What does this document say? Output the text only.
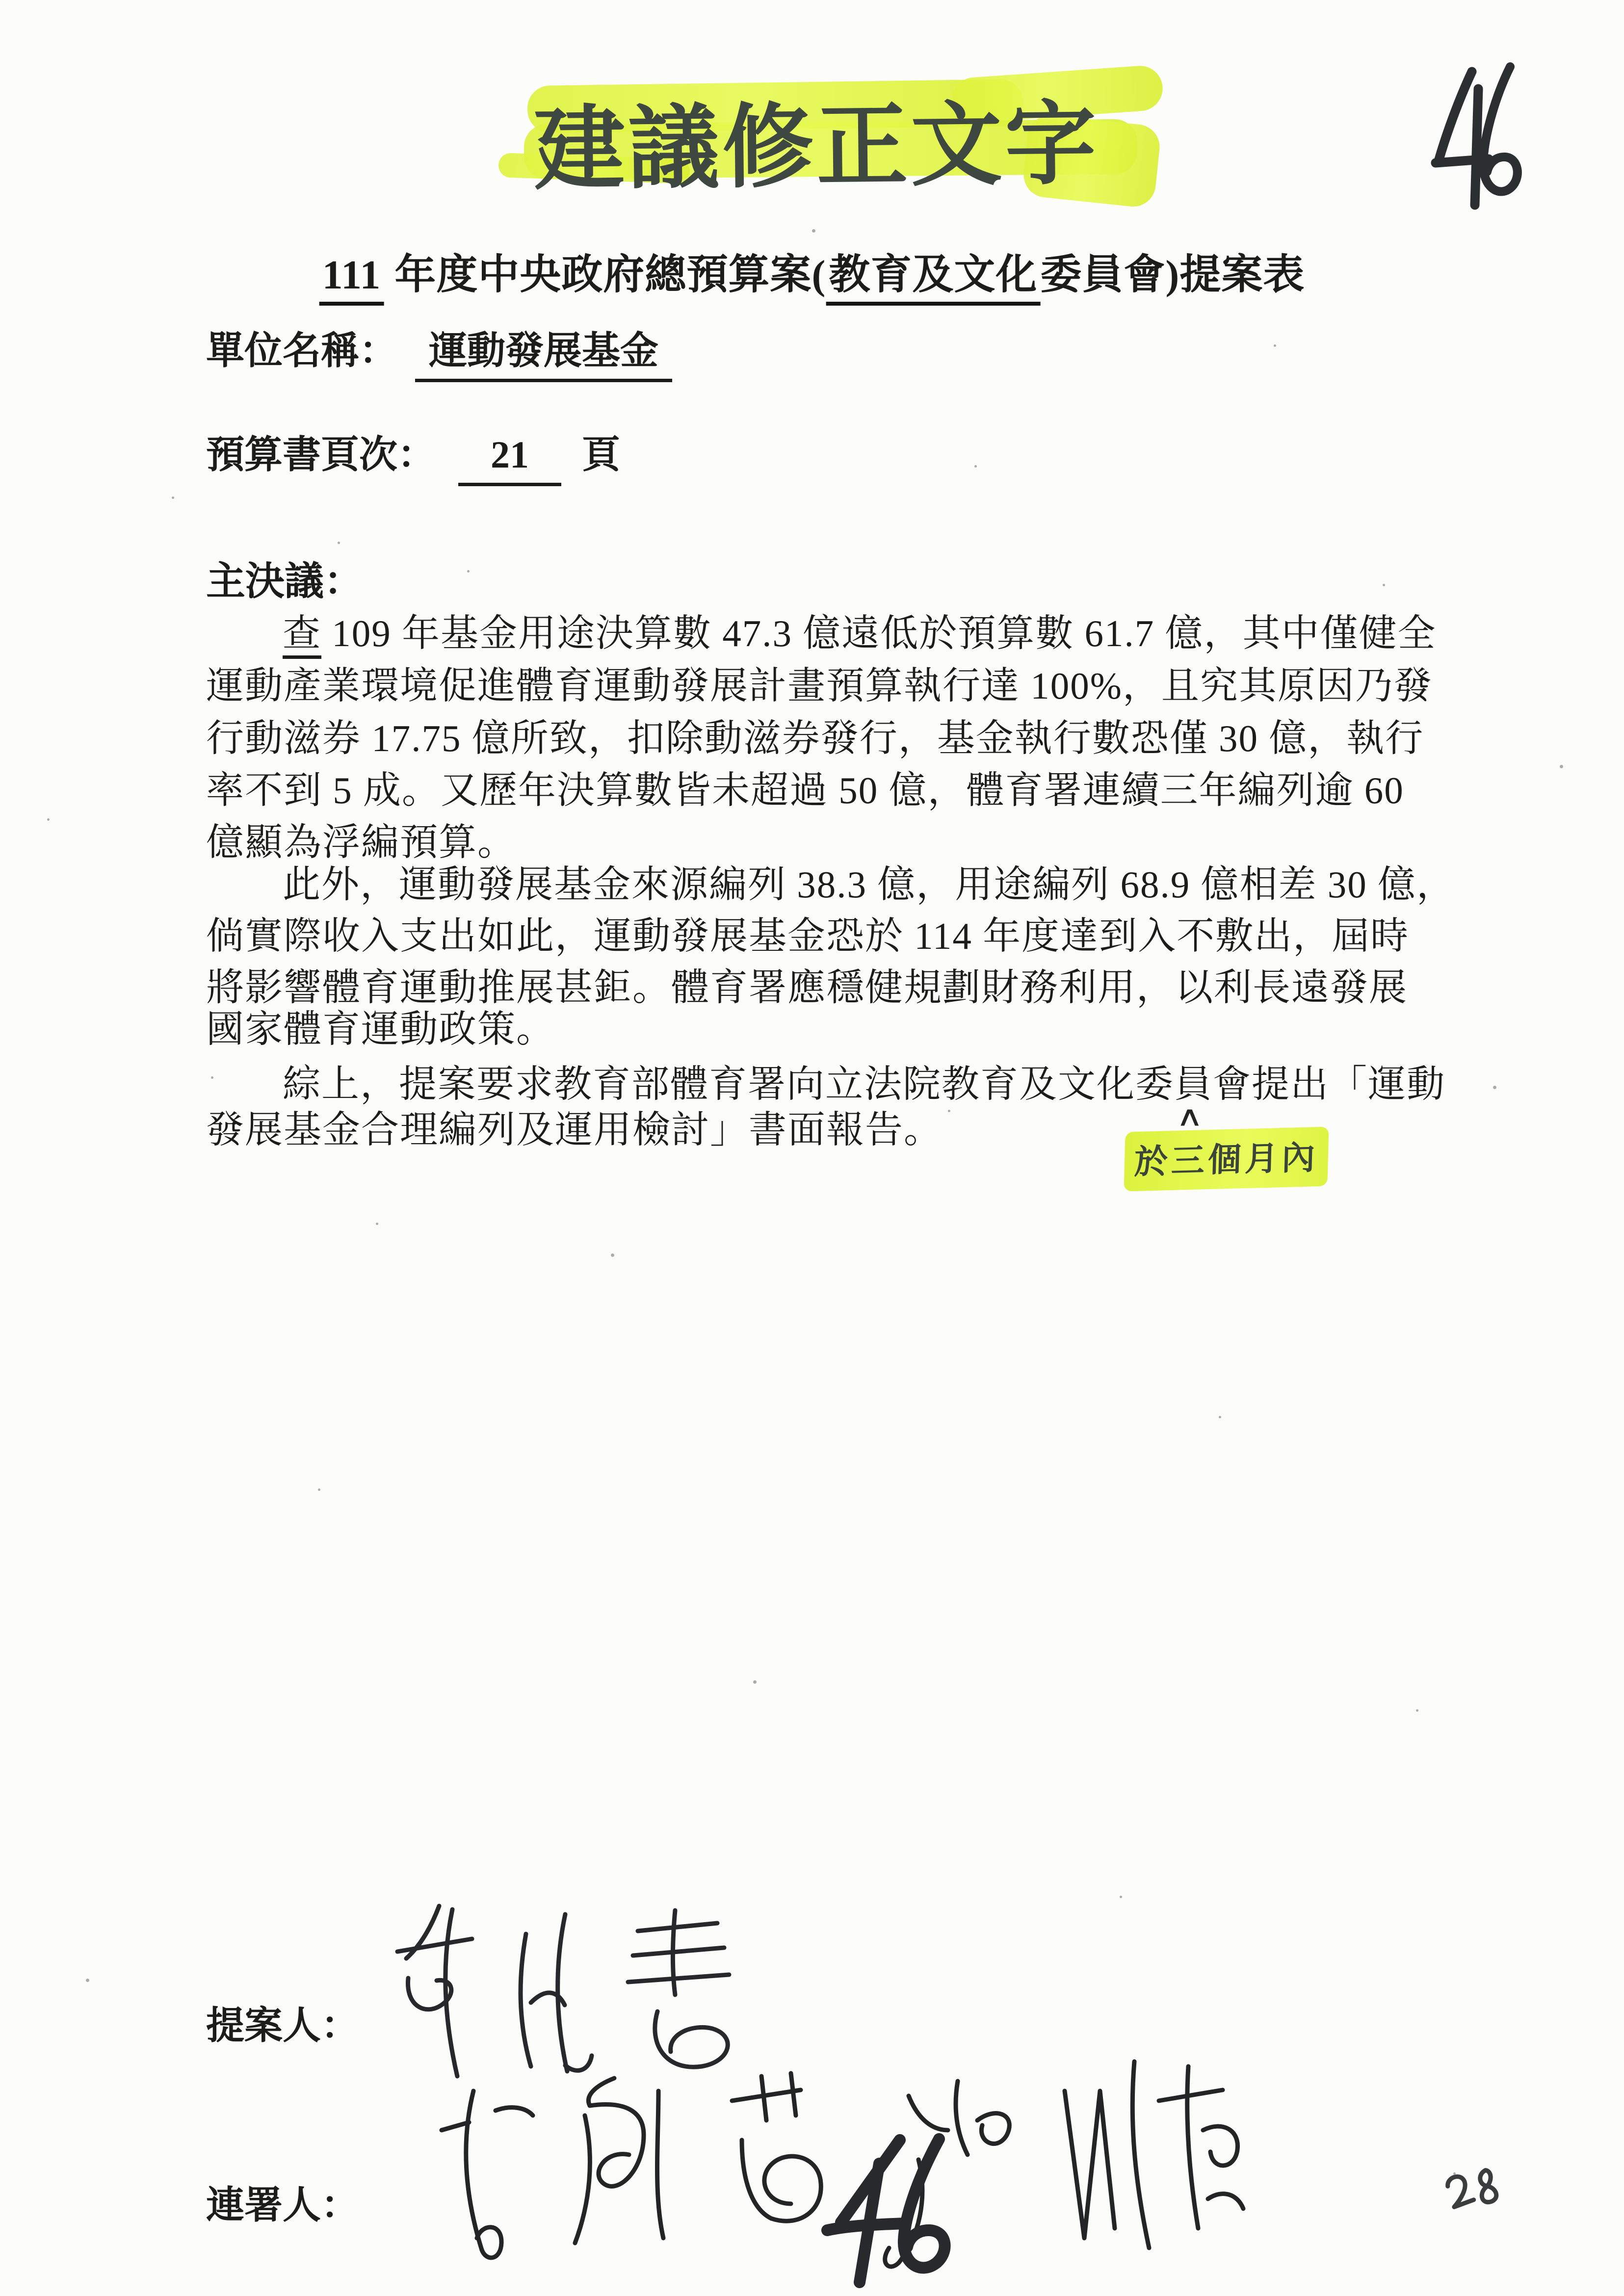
建議修正文字
111 年度中央政府總預算案(教育及文化委員會)提案表
單位名稱： 運動發展基金
預算書頁次： 21 頁
主決議：
查 109 年基金用途決算數 47.3 億遠低於預算數 61.7 億，其中僅健全
運動產業環境促進體育運動發展計畫預算執行達 100%，且究其原因乃發
行動滋券 17.75 億所致，扣除動滋券發行，基金執行數恐僅 30 億，執行
率不到 5 成。又歷年決算數皆未超過 50 億，體育署連續三年編列逾 60
億顯為浮編預算。
此外，運動發展基金來源編列 38.3 億，用途編列 68.9 億相差 30 億，
倘實際收入支出如此，運動發展基金恐於 114 年度達到入不敷出，屆時
將影響體育運動推展甚鉅。體育署應穩健規劃財務利用，以利長遠發展
國家體育運動政策。
綜上，提案要求教育部體育署向立法院教育及文化委員會提出「運動
發展基金合理編列及運用檢討」書面報告。	∧
於三個月內
提案人：
連署人：
